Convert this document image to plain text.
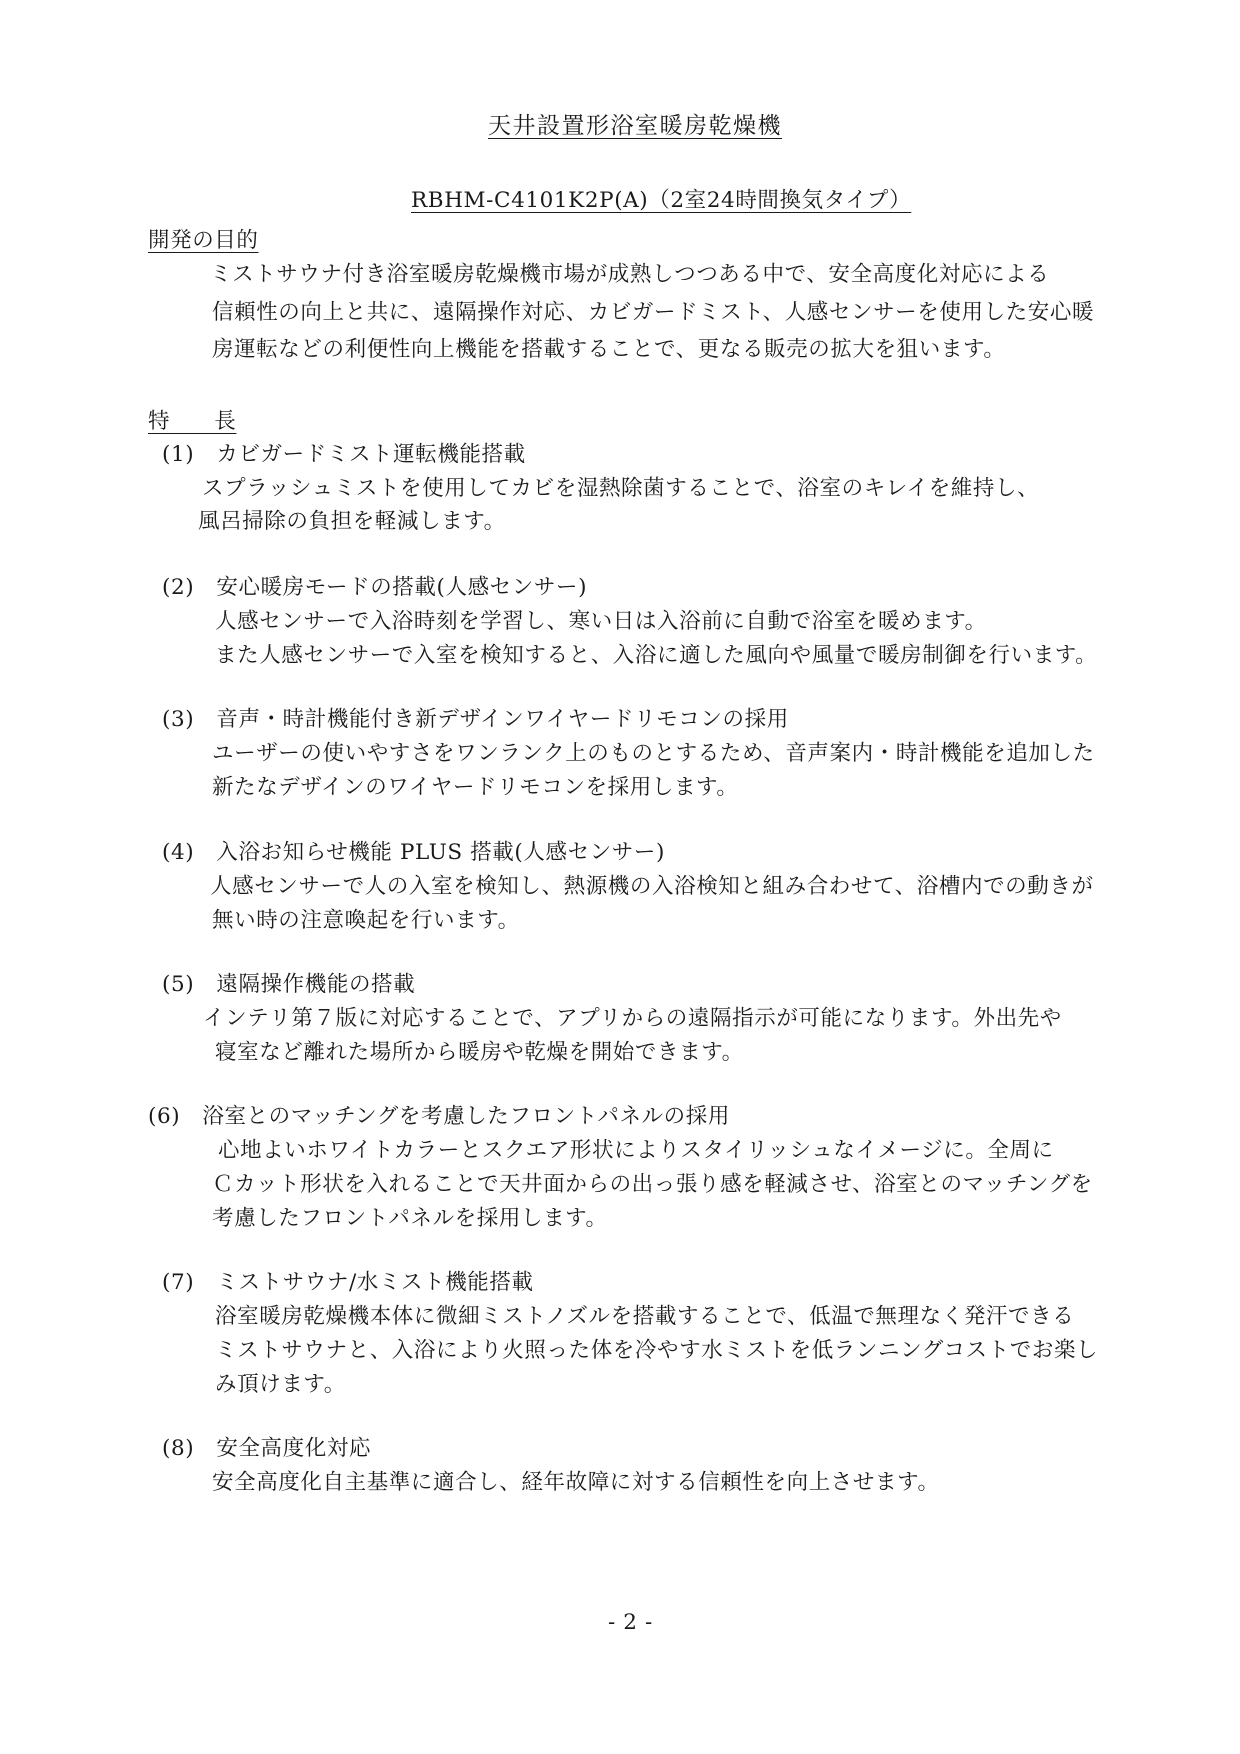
天井設置形浴室暖房乾燥機
RBHM-C4101K2P(A)（2室24時間換気タイプ）
開発の目的
ミストサウナ付き浴室暖房乾燥機市場が成熟しつつある中で、安全高度化対応による
信頼性の向上と共に、遠隔操作対応、カビガードミスト、人感センサーを使用した安心暖
房運転などの利便性向上機能を搭載することで、更なる販売の拡大を狙います。
特　　長
(1)　カビガードミスト運転機能搭載
スプラッシュミストを使用してカビを湿熱除菌することで、浴室のキレイを維持し、
風呂掃除の負担を軽減します。
(2)　安心暖房モードの搭載(人感センサー)
人感センサーで入浴時刻を学習し、寒い日は入浴前に自動で浴室を暖めます。
また人感センサーで入室を検知すると、入浴に適した風向や風量で暖房制御を行います。
(3)　音声・時計機能付き新デザインワイヤードリモコンの採用
ユーザーの使いやすさをワンランク上のものとするため、音声案内・時計機能を追加した
新たなデザインのワイヤードリモコンを採用します。
(4)　入浴お知らせ機能 PLUS 搭載(人感センサー)
人感センサーで人の入室を検知し、熱源機の入浴検知と組み合わせて、浴槽内での動きが
無い時の注意喚起を行います。
(5)　遠隔操作機能の搭載
インテリ第７版に対応することで、アプリからの遠隔指示が可能になります。外出先や
寝室など離れた場所から暖房や乾燥を開始できます。
(6)　浴室とのマッチングを考慮したフロントパネルの採用
心地よいホワイトカラーとスクエア形状によりスタイリッシュなイメージに。全周に
Ｃカット形状を入れることで天井面からの出っ張り感を軽減させ、浴室とのマッチングを
考慮したフロントパネルを採用します。
(7)　ミストサウナ/水ミスト機能搭載
浴室暖房乾燥機本体に微細ミストノズルを搭載することで、低温で無理なく発汗できる
ミストサウナと、入浴により火照った体を冷やす水ミストを低ランニングコストでお楽し
み頂けます。
(8)　安全高度化対応
安全高度化自主基準に適合し、経年故障に対する信頼性を向上させます。
- 2 -
